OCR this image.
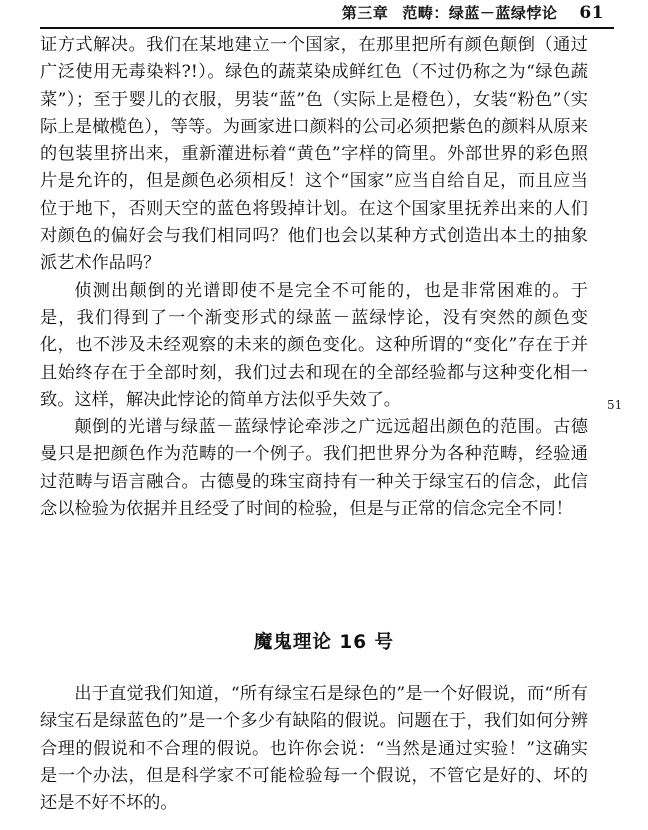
第三章 范畴：绿蓝－蓝绿悖论 61

证方式解决。我们在某地建立一个国家，在那里把所有颜色颠倒（通过广泛使用无毒染料?!）。绿色的蔬菜染成鲜红色（不过仍称之为“绿色蔬菜”）；至于婴儿的衣服，男装“蓝”色（实际上是橙色），女装“粉色”（实际上是橄榄色），等等。为画家进口颜料的公司必须把紫色的颜料从原来的包装里挤出来，重新灌进标着“黄色”字样的筒里。外部世界的彩色照片是允许的，但是颜色必须相反！这个“国家”应当自给自足，而且应当位于地下，否则天空的蓝色将毁掉计划。在这个国家里抚养出来的人们对颜色的偏好会与我们相同吗？他们也会以某种方式创造出本土的抽象派艺术作品吗？

侦测出颠倒的光谱即使不是完全不可能的，也是非常困难的。于是，我们得到了一个渐变形式的绿蓝－蓝绿悖论，没有突然的颜色变化，也不涉及未经观察的未来的颜色变化。这种所谓的“变化”存在于并且始终存在于全部时刻，我们过去和现在的全部经验都与这种变化相一致。这样，解决此悖论的简单方法似乎失效了。

颠倒的光谱与绿蓝－蓝绿悖论牵涉之广远远超出颜色的范围。古德曼只是把颜色作为范畴的一个例子。我们把世界分为各种范畴，经验通过范畴与语言融合。古德曼的珠宝商持有一种关于绿宝石的信念，此信念以检验为依据并且经受了时间的检验，但是与正常的信念完全不同！

51
魔鬼理论 16 号

出于直觉我们知道，“所有绿宝石是绿色的”是一个好假说，而“所有绿宝石是绿蓝色的”是一个多少有缺陷的假说。问题在于，我们如何分辨合理的假说和不合理的假说。也许你会说：“当然是通过实验！”这确实是一个办法，但是科学家不可能检验每一个假说，不管它是好的、坏的还是不好不坏的。
